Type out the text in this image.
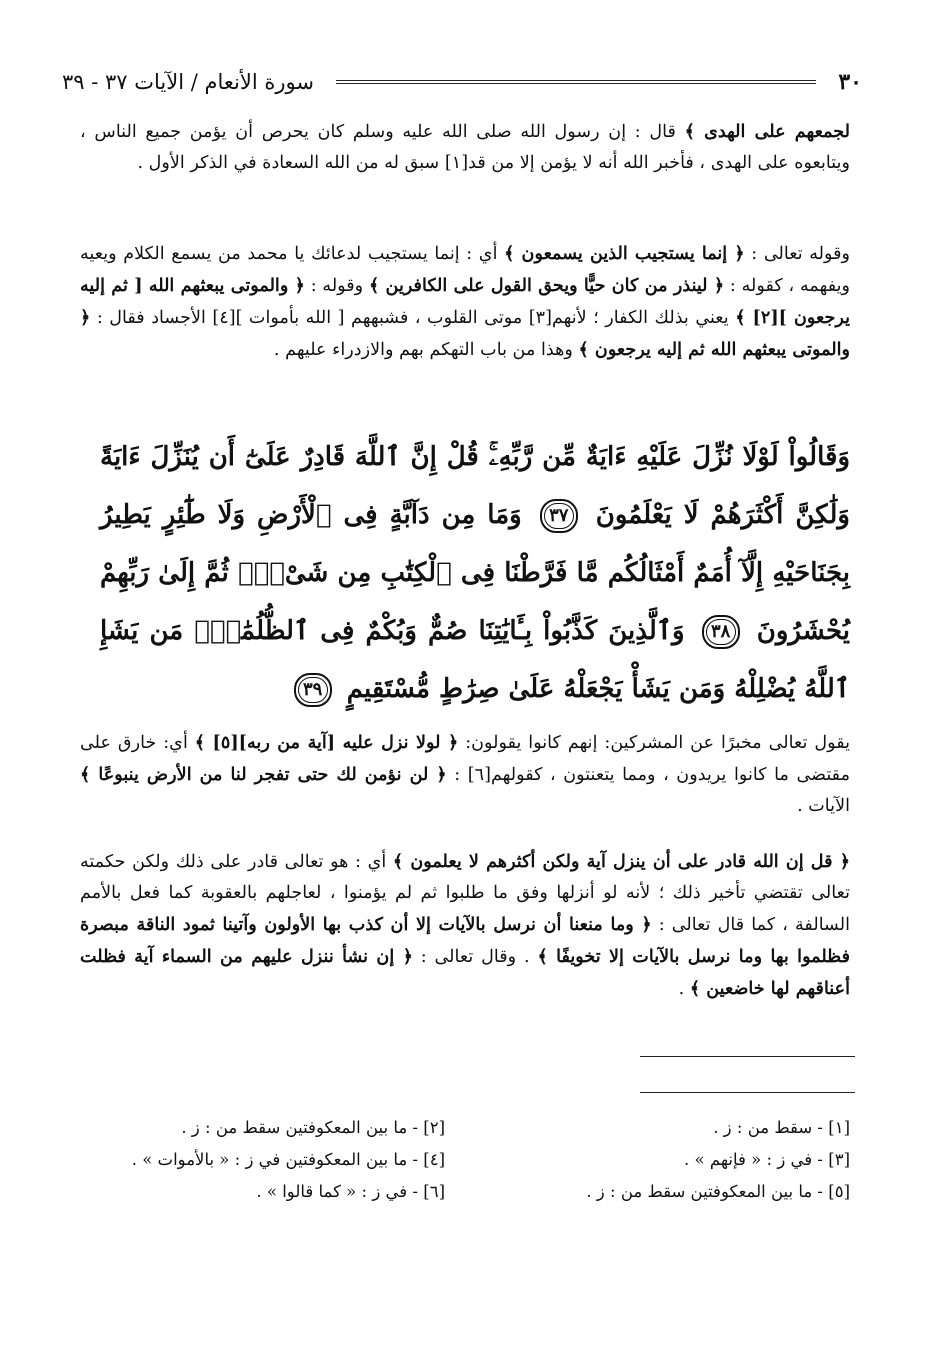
٣٠
سورة الأنعام / الآيات ٣٧ - ٣٩

لجمعهم على الهدى ﴾ قال : إن رسول الله صلى الله عليه وسلم كان يحرص أن يؤمن جميع الناس ، ويتابعوه على الهدى ، فأخبر الله أنه لا يؤمن إلا من قد[١] سبق له من الله السعادة في الذكر الأول .

وقوله تعالى : ﴿ إنما يستجيب الذين يسمعون ﴾ أي : إنما يستجيب لدعائك يا محمد من يسمع الكلام ويعيه ويفهمه ، كقوله : ﴿ لينذر من كان حيًّا ويحق القول على الكافرين ﴾ وقوله : ﴿ والموتى يبعثهم الله [ ثم إليه يرجعون ][٢] ﴾ يعني بذلك الكفار ؛ لأنهم[٣] موتى القلوب ، فشبههم [ الله بأموات ][٤] الأجساد فقال : ﴿ والموتى يبعثهم الله ثم إليه يرجعون ﴾ وهذا من باب التهكم بهم والازدراء عليهم .

وَقَالُواْ لَوْلَا نُزِّلَ عَلَيْهِ ءَايَةٌ مِّن رَّبِّهِۦۚ قُلْ إِنَّ ٱللَّهَ قَادِرٌ عَلَىٰٓ أَن يُنَزِّلَ ءَايَةً وَلَٰكِنَّ أَكْثَرَهُمْ لَا يَعْلَمُونَ ٣٧ وَمَا مِن دَآبَّةٍ فِى ٱلْأَرْضِ وَلَا طَٰٓئِرٍ يَطِيرُ بِجَنَاحَيْهِ إِلَّآ أُمَمٌ أَمْثَالُكُم مَّا فَرَّطْنَا فِى ٱلْكِتَٰبِ مِن شَىْءٍۚ ثُمَّ إِلَىٰ رَبِّهِمْ يُحْشَرُونَ ٣٨ وَٱلَّذِينَ كَذَّبُواْ بِـَٔايَٰتِنَا صُمٌّ وَبُكْمٌ فِى ٱلظُّلُمَٰتِۗ مَن يَشَإِ ٱللَّهُ يُضْلِلْهُ وَمَن يَشَأْ يَجْعَلْهُ عَلَىٰ صِرَٰطٍ مُّسْتَقِيمٍ ٣٩

يقول تعالى مخبرًا عن المشركين: إنهم كانوا يقولون: ﴿ لولا نزل عليه [آية من ربه][٥] ﴾ أي: خارق على مقتضى ما كانوا يريدون ، ومما يتعنتون ، كقولهم[٦] : ﴿ لن نؤمن لك حتى تفجر لنا من الأرض ينبوعًا ﴾ الآيات .

﴿ قل إن الله قادر على أن ينزل آية ولكن أكثرهم لا يعلمون ﴾ أي : هو تعالى قادر على ذلك ولكن حكمته تعالى تقتضي تأخير ذلك ؛ لأنه لو أنزلها وفق ما طلبوا ثم لم يؤمنوا ، لعاجلهم بالعقوبة كما فعل بالأمم السالفة ، كما قال تعالى : ﴿ وما منعنا أن نرسل بالآيات إلا أن كذب بها الأولون وآتينا ثمود الناقة مبصرة فظلموا بها وما نرسل بالآيات إلا تخويفًا ﴾ . وقال تعالى : ﴿ إن نشأ ننزل عليهم من السماء آية فظلت أعناقهم لها خاضعين ﴾ .

[١] - سقط من : ز .
[٢] - ما بين المعكوفتين سقط من : ز .
[٣] - في ز : « فإنهم » .
[٤] - ما بين المعكوفتين في ز : « بالأموات » .
[٥] - ما بين المعكوفتين سقط من : ز .
[٦] - في ز : « كما قالوا » .
